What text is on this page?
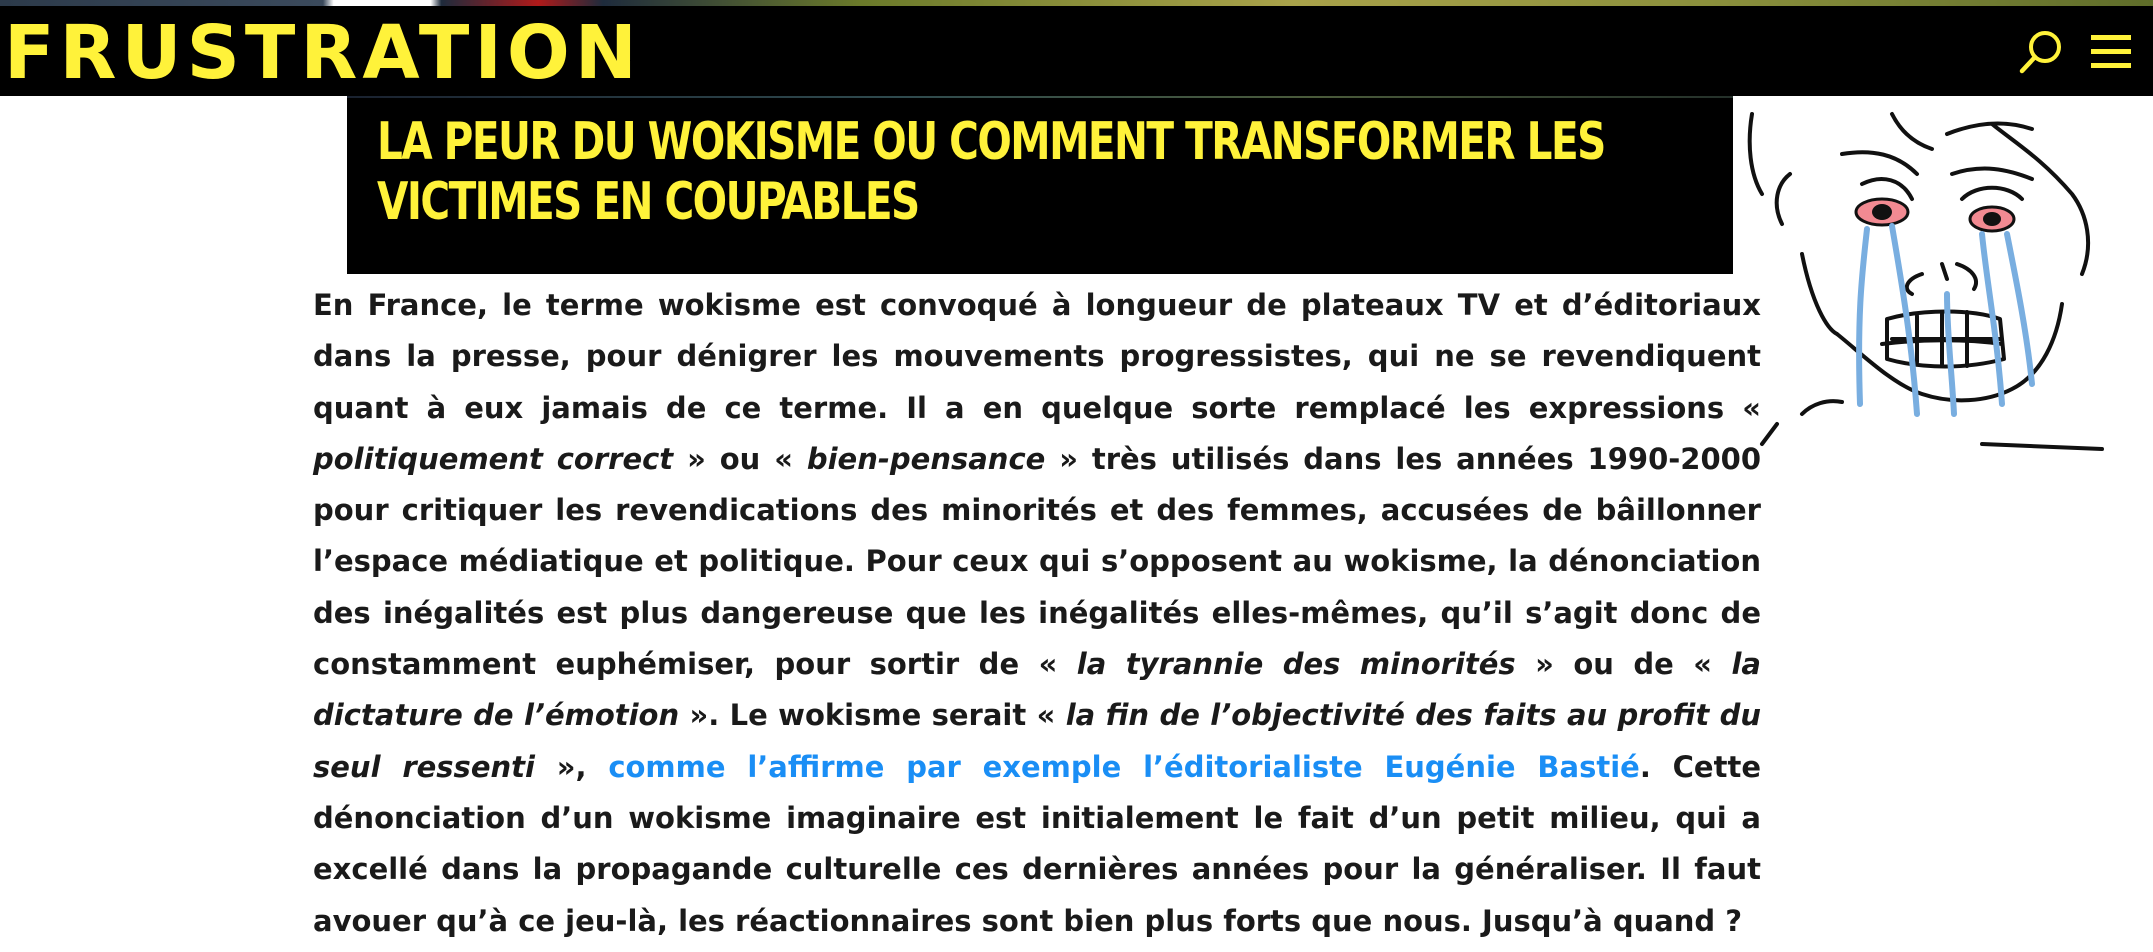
FRUSTRATION
LA PEUR DU WOKISME OU COMMENT TRANSFORMER LES VICTIMES EN COUPABLES

En France, le terme wokisme est convoqué à longueur de plateaux TV et d’éditoriaux dans la presse, pour dénigrer les mouvements progressistes, qui ne se revendiquent quant à eux jamais de ce terme. Il a en quelque sorte remplacé les expressions « politiquement correct » ou « bien-pensance » très utilisés dans les années 1990-2000 pour critiquer les revendications des minorités et des femmes, accusées de bâillonner l’espace médiatique et politique. Pour ceux qui s’opposent au wokisme, la dénonciation des inégalités est plus dangereuse que les inégalités elles-mêmes, qu’il s’agit donc de constamment euphémiser, pour sortir de « la tyrannie des minorités » ou de « la dictature de l’émotion ». Le wokisme serait « la fin de l’objectivité des faits au profit du seul ressenti », comme l’affirme par exemple l’éditorialiste Eugénie Bastié. Cette dénonciation d’un wokisme imaginaire est initialement le fait d’un petit milieu, qui a excellé dans la propagande culturelle ces dernières années pour la généraliser. Il faut avouer qu’à ce jeu-là, les réactionnaires sont bien plus forts que nous. Jusqu’à quand ?
